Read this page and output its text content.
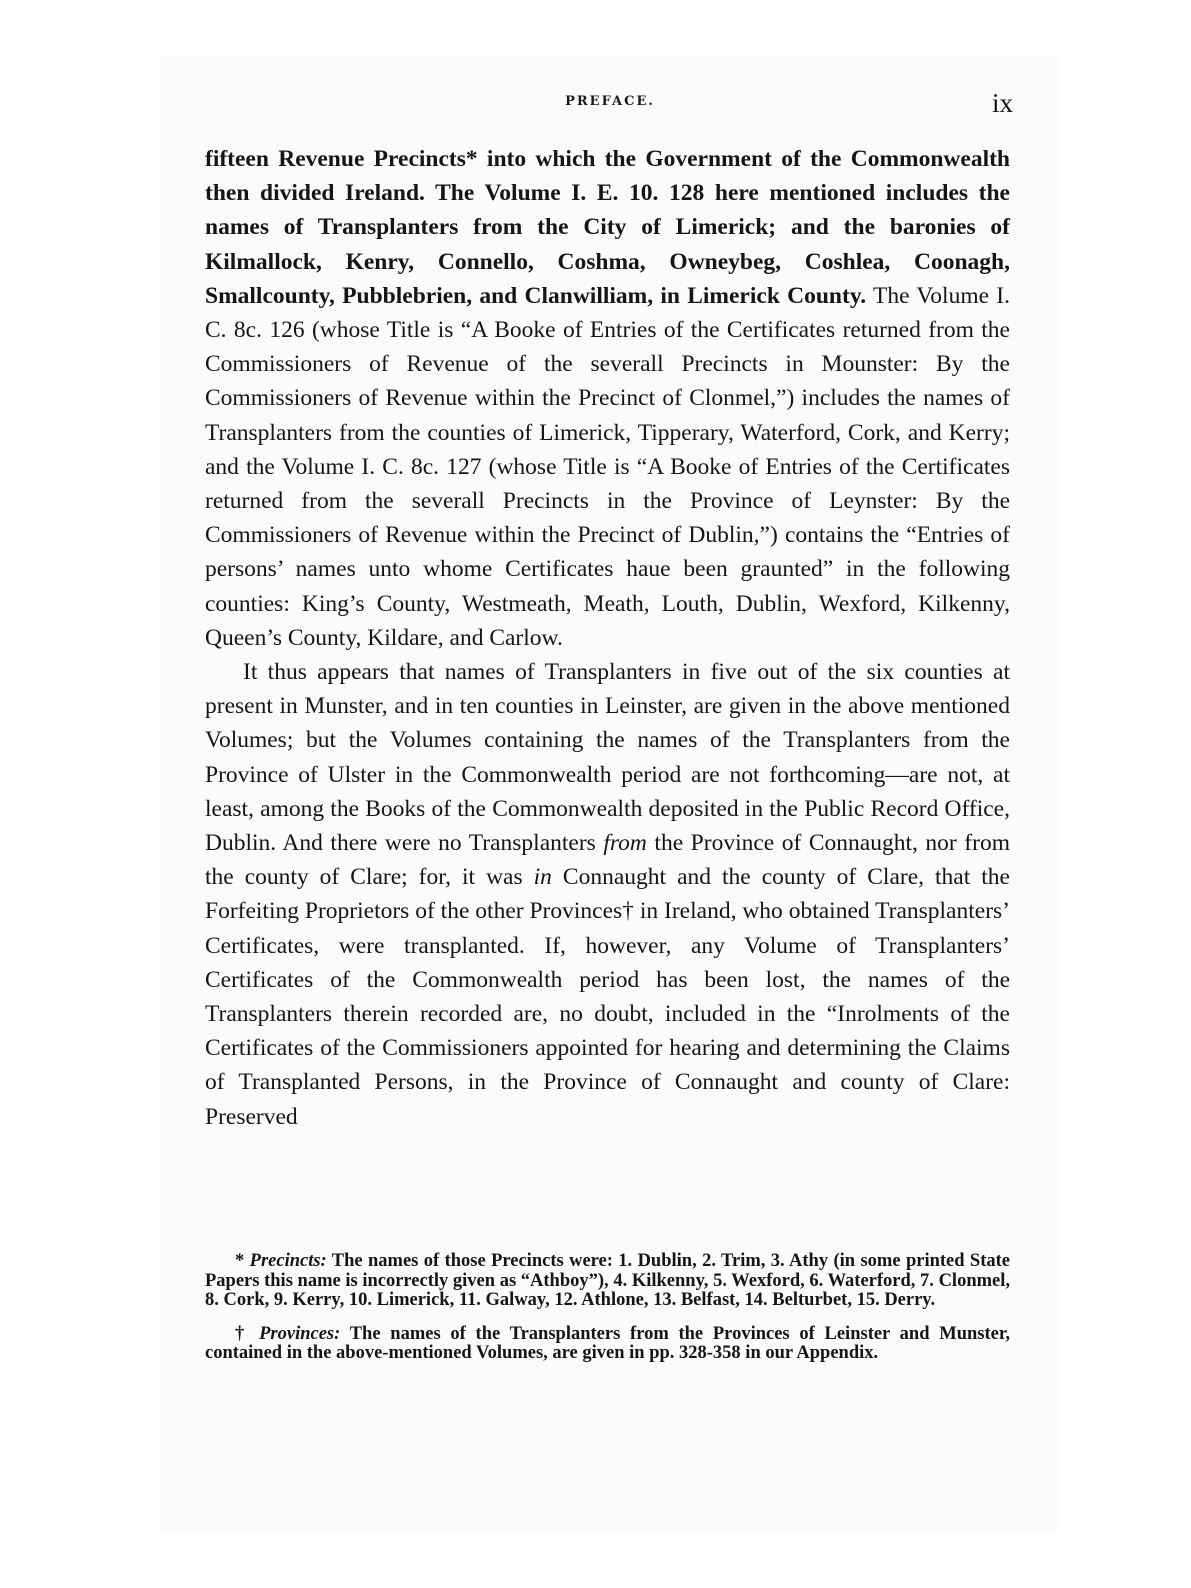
PREFACE.	ix

fifteen Revenue Precincts* into which the Government of the Commonwealth then divided Ireland. The Volume I. E. 10. 128 here mentioned includes the names of Transplanters from the City of Limerick; and the baronies of Kilmallock, Kenry, Connello, Coshma, Owneybeg, Coshlea, Coonagh, Smallcounty, Pubblebrien, and Clanwilliam, in Limerick County. The Volume I. C. 8c. 126 (whose Title is “A Booke of Entries of the Certificates returned from the Commissioners of Revenue of the severall Precincts in Mounster: By the Commissioners of Revenue within the Precinct of Clonmel,”) includes the names of Transplanters from the counties of Limerick, Tipperary, Waterford, Cork, and Kerry; and the Volume I. C. 8c. 127 (whose Title is “A Booke of Entries of the Certificates returned from the severall Precincts in the Province of Leynster: By the Commissioners of Revenue within the Precinct of Dublin,”) contains the “Entries of persons’ names unto whome Certificates haue been graunted” in the following counties: King’s County, Westmeath, Meath, Louth, Dublin, Wexford, Kilkenny, Queen’s County, Kildare, and Carlow.

It thus appears that names of Transplanters in five out of the six counties at present in Munster, and in ten counties in Leinster, are given in the above mentioned Volumes; but the Volumes containing the names of the Transplanters from the Province of Ulster in the Commonwealth period are not forthcoming—are not, at least, among the Books of the Commonwealth deposited in the Public Record Office, Dublin. And there were no Transplanters from the Province of Connaught, nor from the county of Clare; for, it was in Connaught and the county of Clare, that the Forfeiting Proprietors of the other Provinces† in Ireland, who obtained Transplanters’ Certificates, were transplanted. If, however, any Volume of Transplanters’ Certificates of the Commonwealth period has been lost, the names of the Transplanters therein recorded are, no doubt, included in the “Inrolments of the Certificates of the Commissioners appointed for hearing and determining the Claims of Transplanted Persons, in the Province of Connaught and county of Clare: Preserved

* Precincts: The names of those Precincts were: 1. Dublin, 2. Trim, 3. Athy (in some printed State Papers this name is incorrectly given as “Athboy”), 4. Kilkenny, 5. Wexford, 6. Waterford, 7. Clonmel, 8. Cork, 9. Kerry, 10. Limerick, 11. Galway, 12. Athlone, 13. Belfast, 14. Belturbet, 15. Derry.

† Provinces: The names of the Transplanters from the Provinces of Leinster and Munster, contained in the above-mentioned Volumes, are given in pp. 328-358 in our Appendix.
